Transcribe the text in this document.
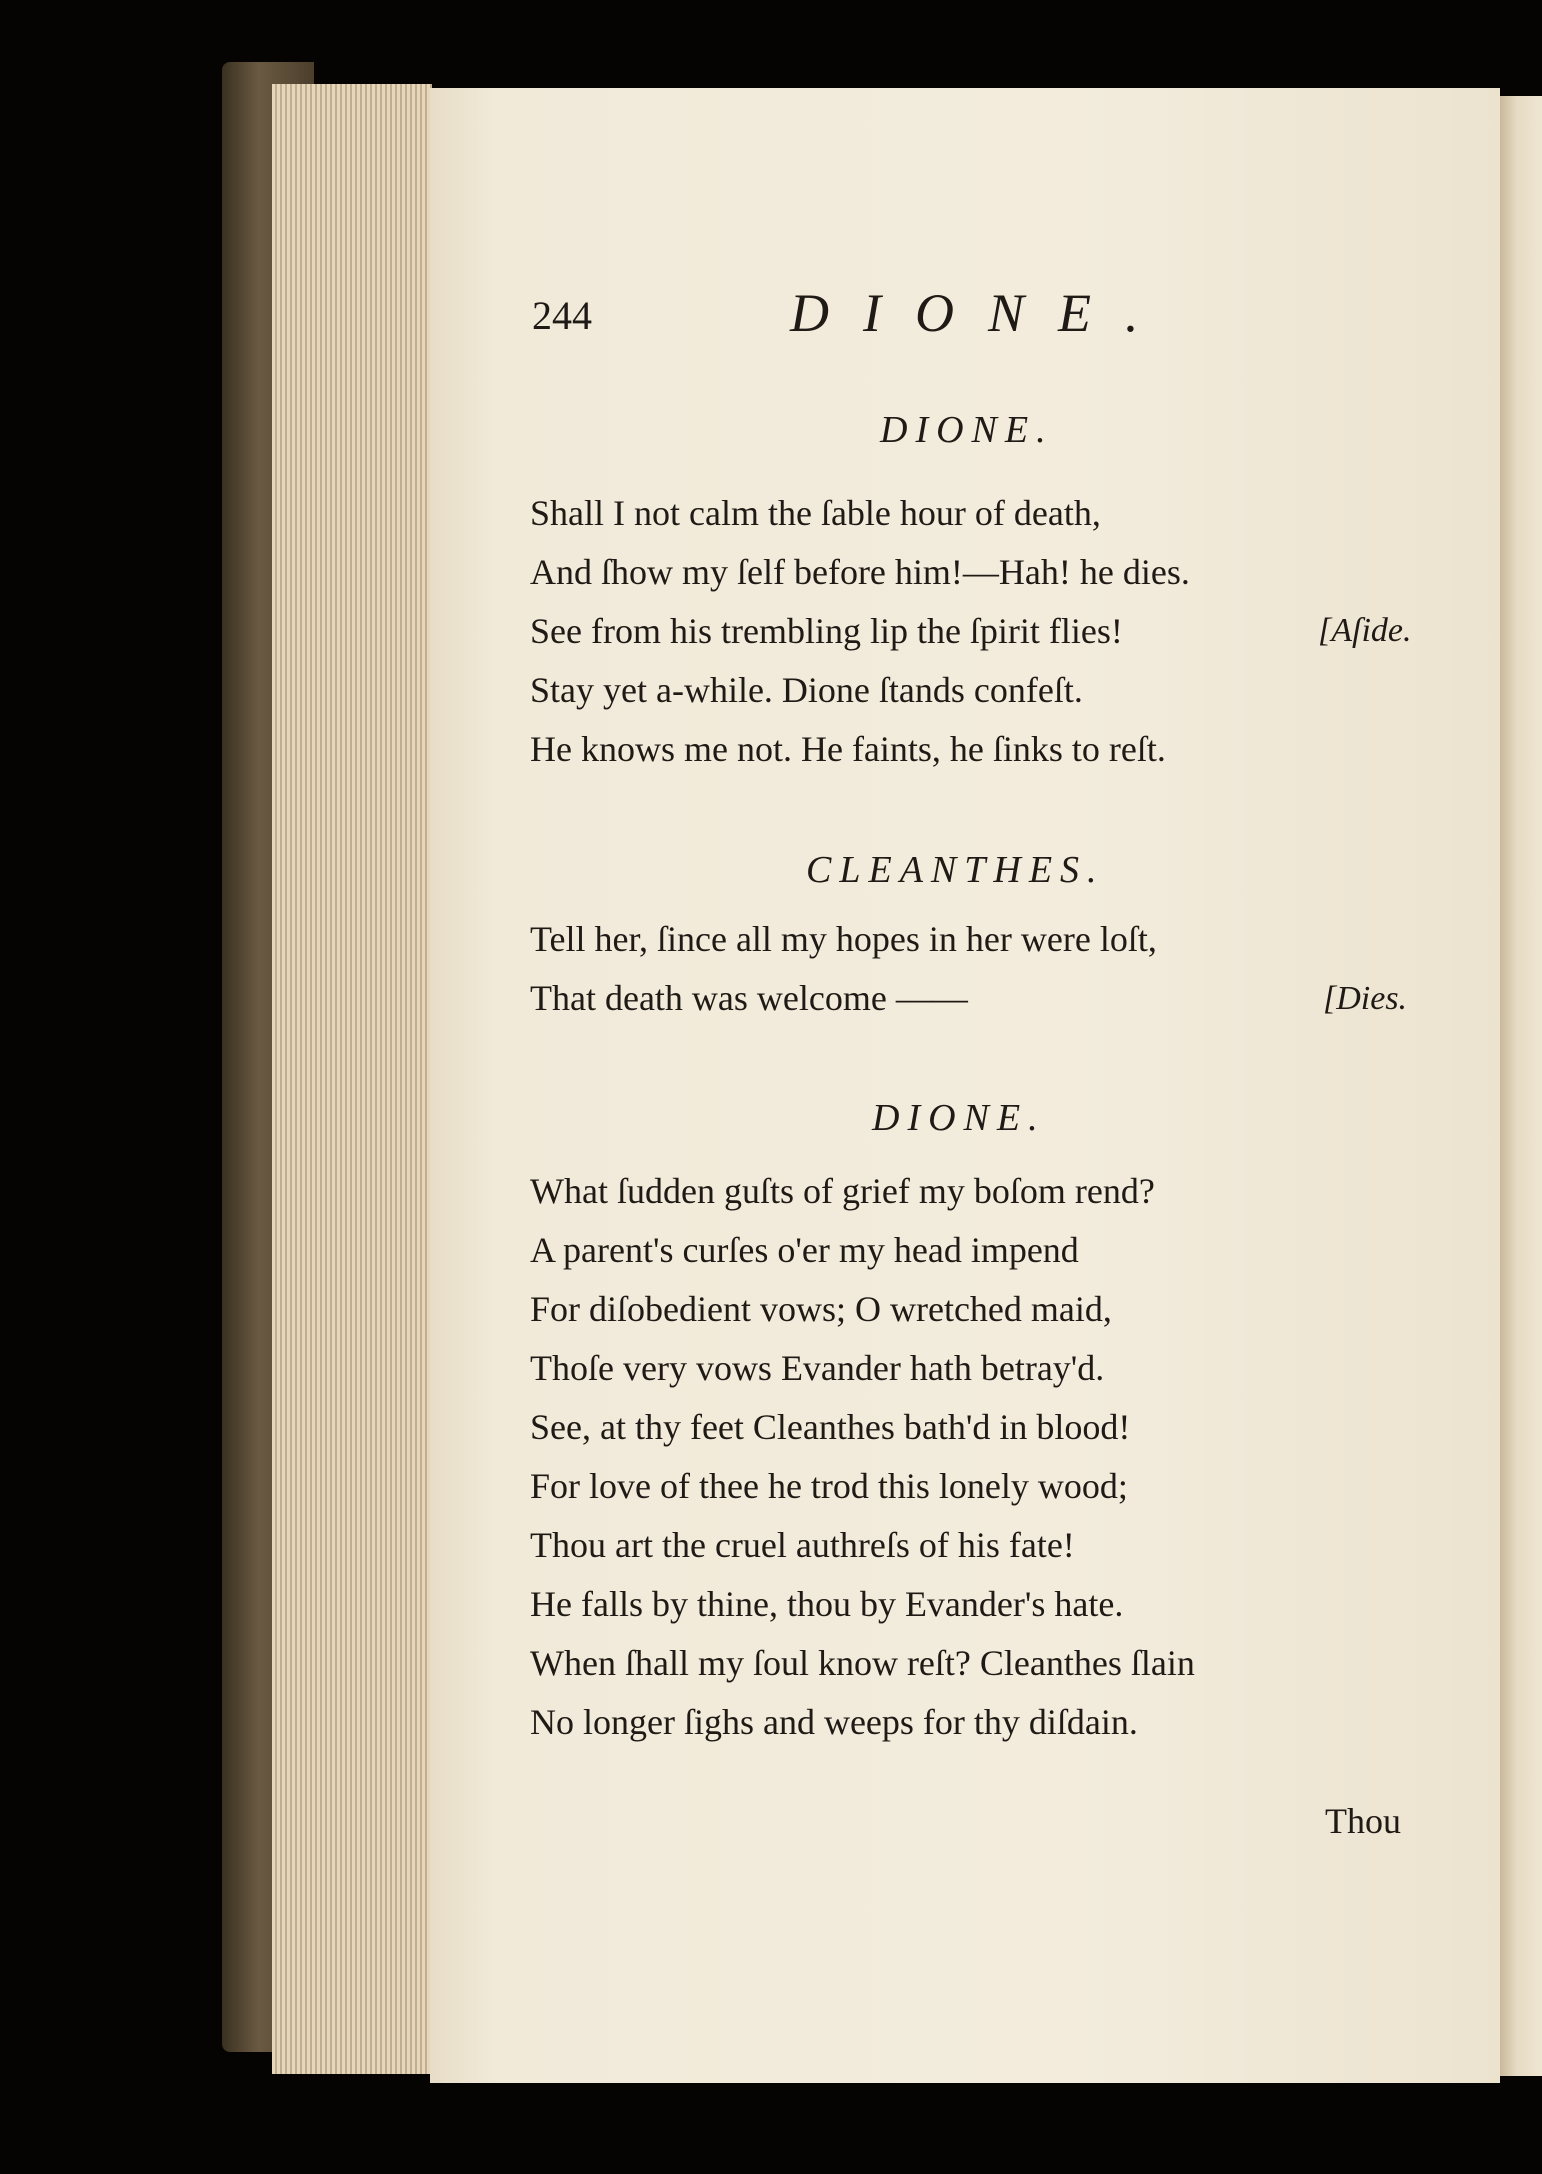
244	DIONE.
DIONE.
Shall I not calm the ſable hour of death,
And ſhow my ſelf before him!—Hah! he dies.
See from his trembling lip the ſpirit flies!
Stay yet a-while. Dione ſtands confeſt.
He knows me not. He faints, he ſinks to reſt.
[Aſide.
CLEANTHES.
Tell her, ſince all my hopes in her were loſt,
That death was welcome ——	[Dies.
DIONE.
What ſudden guſts of grief my boſom rend?
A parent's curſes o'er my head impend
For diſobedient vows; O wretched maid,
Thoſe very vows Evander hath betray'd.
See, at thy feet Cleanthes bath'd in blood!
For love of thee he trod this lonely wood;
Thou art the cruel authreſs of his fate!
He falls by thine, thou by Evander's hate.
When ſhall my ſoul know reſt? Cleanthes ſlain
No longer ſighs and weeps for thy diſdain.
Thou
